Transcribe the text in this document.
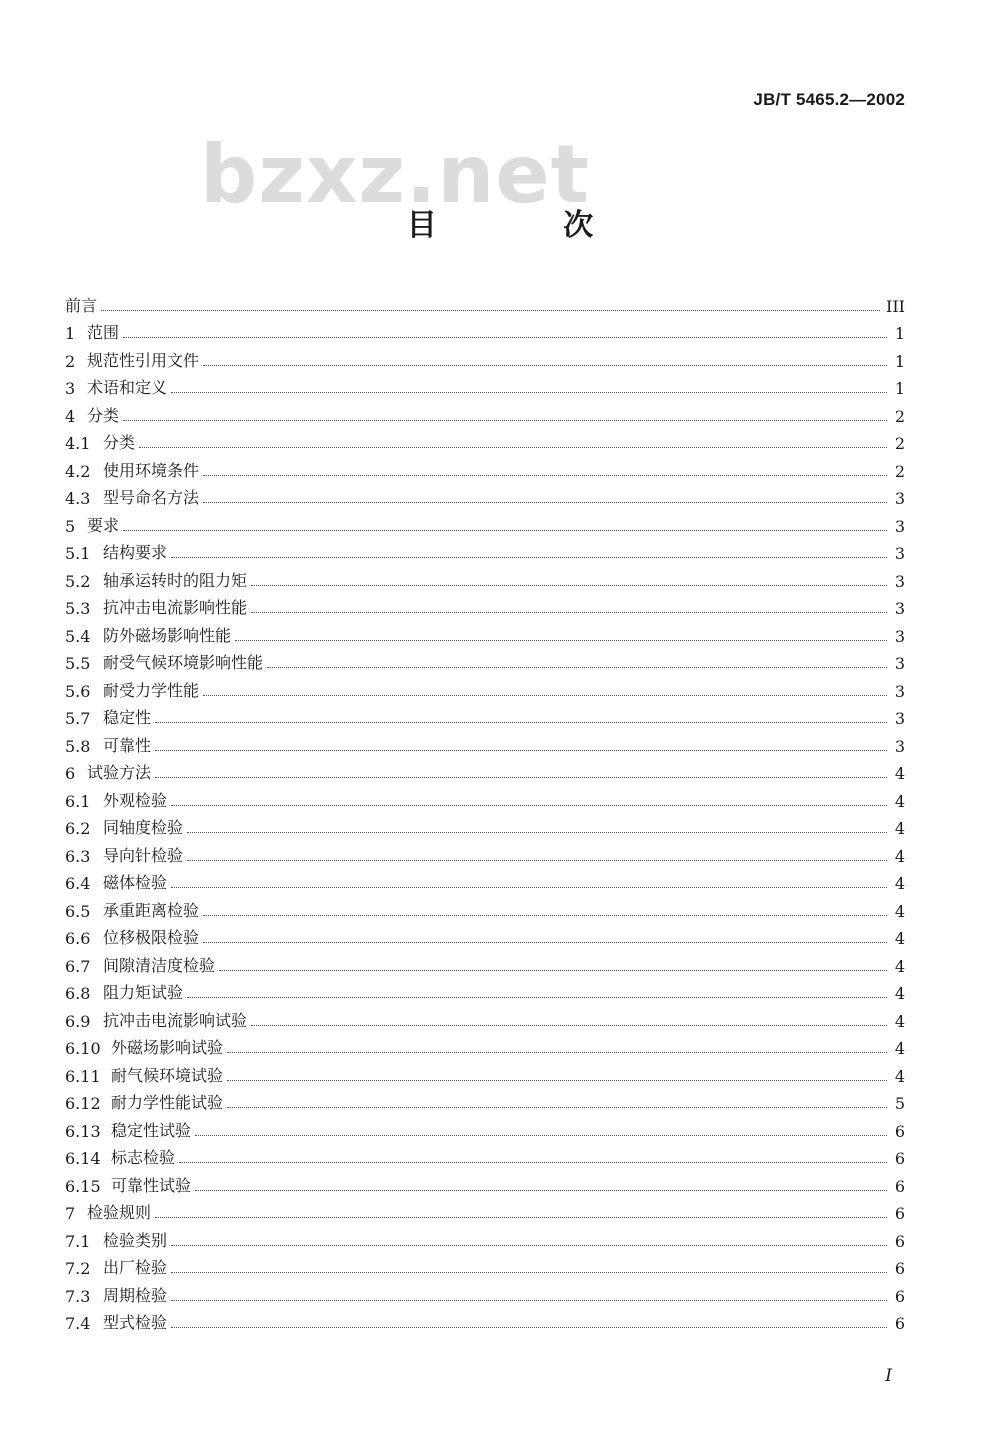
JB/T 5465.2—2002
bzxz.net
目 次
前言	III
1 范围	1
2 规范性引用文件	1
3 术语和定义	1
4 分类	2
4.1 分类	2
4.2 使用环境条件	2
4.3 型号命名方法	3
5 要求	3
5.1 结构要求	3
5.2 轴承运转时的阻力矩	3
5.3 抗冲击电流影响性能	3
5.4 防外磁场影响性能	3
5.5 耐受气候环境影响性能	3
5.6 耐受力学性能	3
5.7 稳定性	3
5.8 可靠性	3
6 试验方法	4
6.1 外观检验	4
6.2 同轴度检验	4
6.3 导向针检验	4
6.4 磁体检验	4
6.5 承重距离检验	4
6.6 位移极限检验	4
6.7 间隙清洁度检验	4
6.8 阻力矩试验	4
6.9 抗冲击电流影响试验	4
6.10 外磁场影响试验	4
6.11 耐气候环境试验	4
6.12 耐力学性能试验	5
6.13 稳定性试验	6
6.14 标志检验	6
6.15 可靠性试验	6
7 检验规则	6
7.1 检验类别	6
7.2 出厂检验	6
7.3 周期检验	6
7.4 型式检验	6
I
